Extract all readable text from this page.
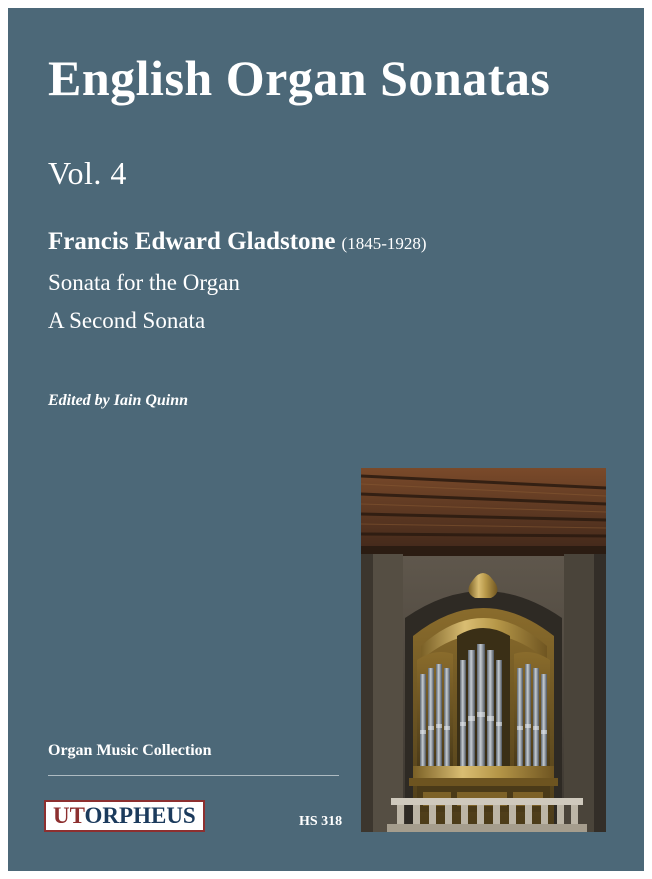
English Organ Sonatas
Vol. 4
Francis Edward Gladstone (1845-1928)
Sonata for the Organ
A Second Sonata
Edited by Iain Quinn
Organ Music Collection
UTORPHEUS	HS 318
